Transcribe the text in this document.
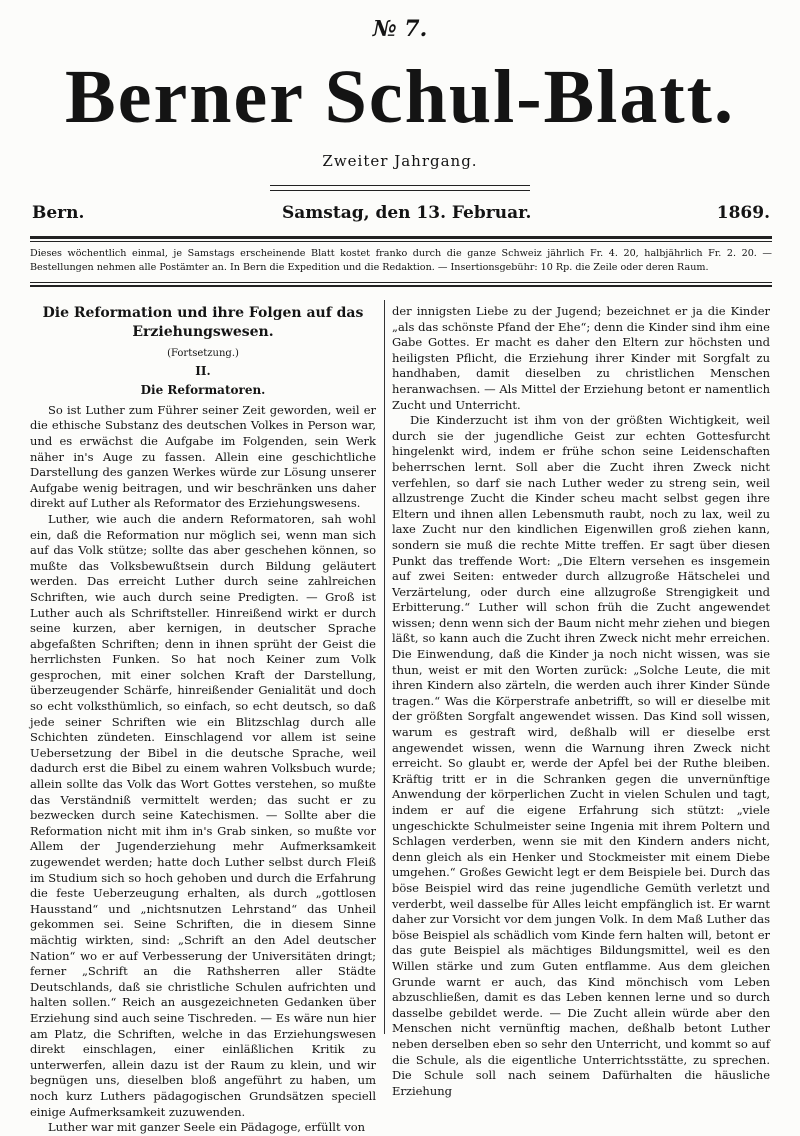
№ 7.
Berner Schul-Blatt.
Zweiter Jahrgang.
Bern.	Samstag, den 13. Februar.	1869.
Dieses wöchentlich einmal, je Samstags erscheinende Blatt kostet franko durch die ganze Schweiz jährlich Fr. 4. 20, halbjährlich Fr. 2. 20. — Bestellungen nehmen alle Postämter an. In Bern die Expedition und die Redaktion. — Insertionsgebühr: 10 Rp. die Zeile oder deren Raum.
Die Reformation und ihre Folgen auf das Erziehungswesen.
(Fortsetzung.)
II.
Die Reformatoren.

So ist Luther zum Führer seiner Zeit geworden, weil er die ethische Substanz des deutschen Volkes in Person war, und es erwächst die Aufgabe im Folgenden, sein Werk näher in's Auge zu fassen. Allein eine geschichtliche Darstellung des ganzen Werkes würde zur Lösung unserer Aufgabe wenig beitragen, und wir beschränken uns daher direkt auf Luther als Reformator des Erziehungswesens.

Luther, wie auch die andern Reformatoren, sah wohl ein, daß die Reformation nur möglich sei, wenn man sich auf das Volk stütze; sollte das aber geschehen können, so mußte das Volksbewußtsein durch Bildung geläutert werden. Das erreicht Luther durch seine zahlreichen Schriften, wie auch durch seine Predigten. — Groß ist Luther auch als Schriftsteller. Hinreißend wirkt er durch seine kurzen, aber kernigen, in deutscher Sprache abgefaßten Schriften; denn in ihnen sprüht der Geist die herrlichsten Funken. So hat noch Keiner zum Volk gesprochen, mit einer solchen Kraft der Darstellung, überzeugender Schärfe, hinreißender Genialität und doch so echt volksthümlich, so einfach, so echt deutsch, so daß jede seiner Schriften wie ein Blitzschlag durch alle Schichten zündeten. Einschlagend vor allem ist seine Uebersetzung der Bibel in die deutsche Sprache, weil dadurch erst die Bibel zu einem wahren Volksbuch wurde; allein sollte das Volk das Wort Gottes verstehen, so mußte das Verständniß vermittelt werden; das sucht er zu bezwecken durch seine Katechismen. — Sollte aber die Reformation nicht mit ihm in's Grab sinken, so mußte vor Allem der Jugenderziehung mehr Aufmerksamkeit zugewendet werden; hatte doch Luther selbst durch Fleiß im Studium sich so hoch gehoben und durch die Erfahrung die feste Ueberzeugung erhalten, als durch „gottlosen Hausstand“ und „nichtsnutzen Lehrstand“ das Unheil gekommen sei. Seine Schriften, die in diesem Sinne mächtig wirkten, sind: „Schrift an den Adel deutscher Nation“ wo er auf Verbesserung der Universitäten dringt; ferner „Schrift an die Rathsherren aller Städte Deutschlands, daß sie christliche Schulen aufrichten und halten sollen.“ Reich an ausgezeichneten Gedanken über Erziehung sind auch seine Tischreden. — Es wäre nun hier am Platz, die Schriften, welche in das Erziehungswesen direkt einschlagen, einer einläßlichen Kritik zu unterwerfen, allein dazu ist der Raum zu klein, und wir begnügen uns, dieselben bloß angeführt zu haben, um noch kurz Luthers pädagogischen Grundsätzen speciell einige Aufmerksamkeit zuzuwenden.

Luther war mit ganzer Seele ein Pädagoge, erfüllt von

der innigsten Liebe zu der Jugend; bezeichnet er ja die Kinder „als das schönste Pfand der Ehe“; denn die Kinder sind ihm eine Gabe Gottes. Er macht es daher den Eltern zur höchsten und heiligsten Pflicht, die Erziehung ihrer Kinder mit Sorgfalt zu handhaben, damit dieselben zu christlichen Menschen heranwachsen. — Als Mittel der Erziehung betont er namentlich Zucht und Unterricht.

Die Kinderzucht ist ihm von der größten Wichtigkeit, weil durch sie der jugendliche Geist zur echten Gottesfurcht hingelenkt wird, indem er frühe schon seine Leidenschaften beherrschen lernt. Soll aber die Zucht ihren Zweck nicht verfehlen, so darf sie nach Luther weder zu streng sein, weil allzustrenge Zucht die Kinder scheu macht selbst gegen ihre Eltern und ihnen allen Lebensmuth raubt, noch zu lax, weil zu laxe Zucht nur den kindlichen Eigenwillen groß ziehen kann, sondern sie muß die rechte Mitte treffen. Er sagt über diesen Punkt das treffende Wort: „Die Eltern versehen es insgemein auf zwei Seiten: entweder durch allzugroße Hätschelei und Verzärtelung, oder durch eine allzugroße Strengigkeit und Erbitterung.“ Luther will schon früh die Zucht angewendet wissen; denn wenn sich der Baum nicht mehr ziehen und biegen läßt, so kann auch die Zucht ihren Zweck nicht mehr erreichen. Die Einwendung, daß die Kinder ja noch nicht wissen, was sie thun, weist er mit den Worten zurück: „Solche Leute, die mit ihren Kindern also zärteln, die werden auch ihrer Kinder Sünde tragen.“ Was die Körperstrafe anbetrifft, so will er dieselbe mit der größten Sorgfalt angewendet wissen. Das Kind soll wissen, warum es gestraft wird, deßhalb will er dieselbe erst angewendet wissen, wenn die Warnung ihren Zweck nicht erreicht. So glaubt er, werde der Apfel bei der Ruthe bleiben. Kräftig tritt er in die Schranken gegen die unvernünftige Anwendung der körperlichen Zucht in vielen Schulen und tagt, indem er auf die eigene Erfahrung sich stützt: „viele ungeschickte Schulmeister seine Ingenia mit ihrem Poltern und Schlagen verderben, wenn sie mit den Kindern anders nicht, denn gleich als ein Henker und Stockmeister mit einem Diebe umgehen.“ Großes Gewicht legt er dem Beispiele bei. Durch das böse Beispiel wird das reine jugendliche Gemüth verletzt und verderbt, weil dasselbe für Alles leicht empfänglich ist. Er warnt daher zur Vorsicht vor dem jungen Volk. In dem Maß Luther das böse Beispiel als schädlich vom Kinde fern halten will, betont er das gute Beispiel als mächtiges Bildungsmittel, weil es den Willen stärke und zum Guten entflamme. Aus dem gleichen Grunde warnt er auch, das Kind mönchisch vom Leben abzuschließen, damit es das Leben kennen lerne und so durch dasselbe gebildet werde. — Die Zucht allein würde aber den Menschen nicht vernünftig machen, deßhalb betont Luther neben derselben eben so sehr den Unterricht, und kommt so auf die Schule, als die eigentliche Unterrichtsstätte, zu sprechen. Die Schule soll nach seinem Dafürhalten die häusliche Erziehung
